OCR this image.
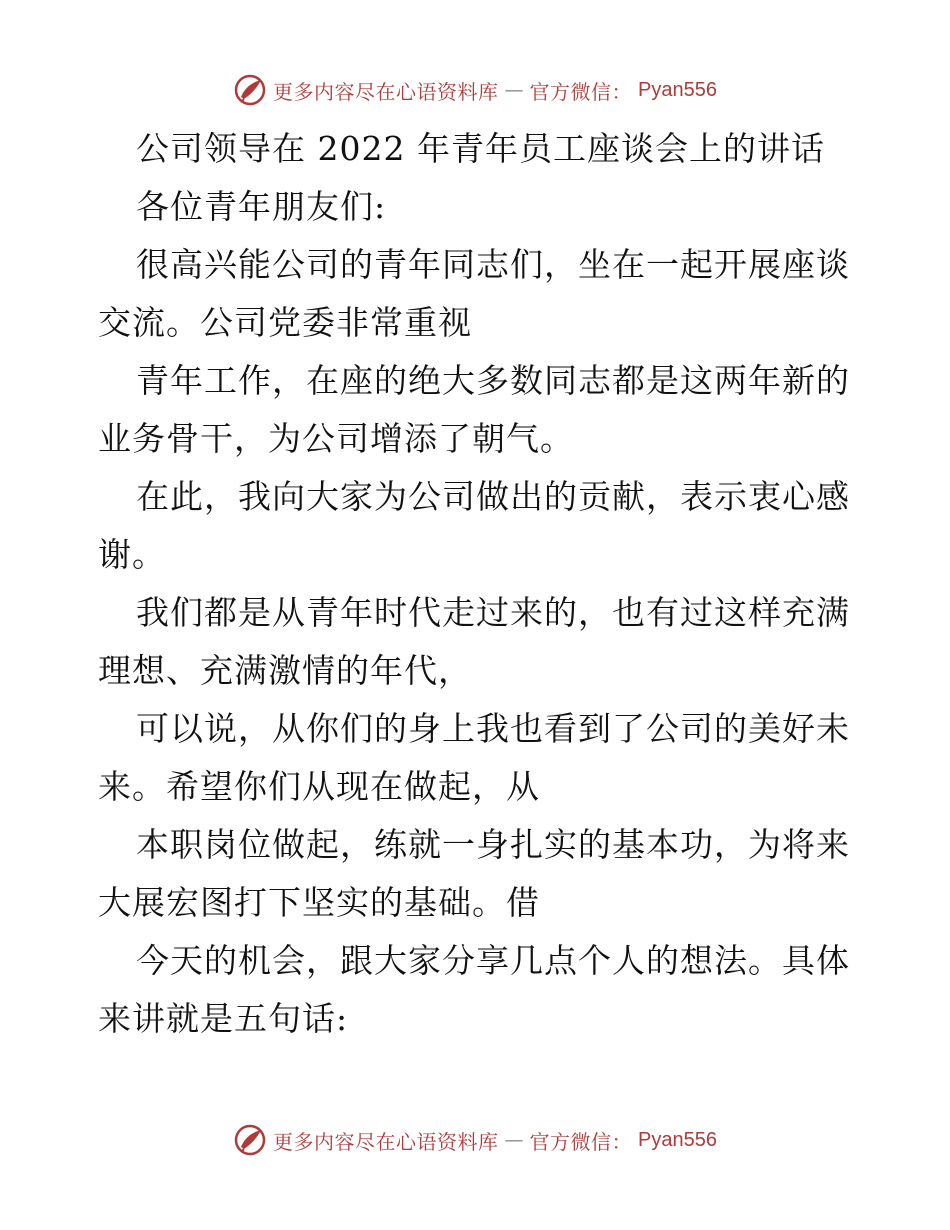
更多内容尽在心语资料库 — 官方微信： Pyan556

公司领导在 2022 年青年员工座谈会上的讲话

各位青年朋友们:

很高兴能公司的青年同志们，坐在一起开展座谈交流。公司党委非常重视

青年工作，在座的绝大多数同志都是这两年新的业务骨干，为公司增添了朝气。

在此，我向大家为公司做出的贡献，表示衷心感谢。

我们都是从青年时代走过来的，也有过这样充满理想、充满激情的年代，

可以说，从你们的身上我也看到了公司的美好未来。希望你们从现在做起，从

本职岗位做起，练就一身扎实的基本功，为将来大展宏图打下坚实的基础。借

今天的机会，跟大家分享几点个人的想法。具体来讲就是五句话:

更多内容尽在心语资料库 — 官方微信： Pyan556
